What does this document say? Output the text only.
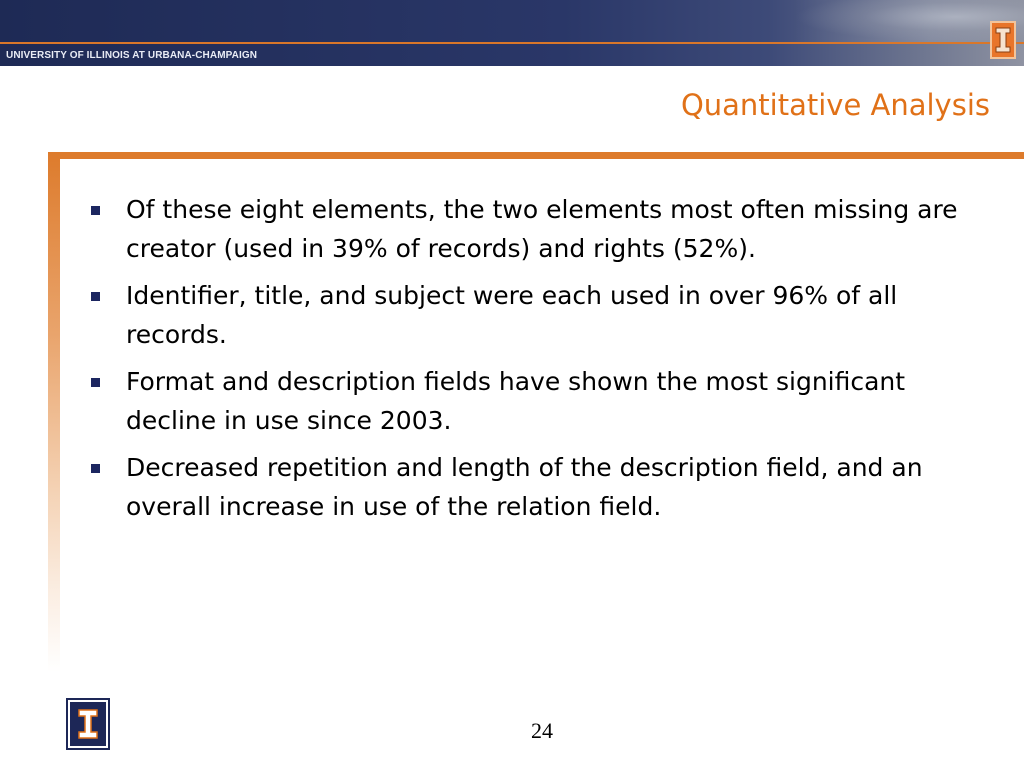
UNIVERSITY OF ILLINOIS AT URBANA-CHAMPAIGN
Quantitative Analysis
Of these eight elements, the two elements most often missing are creator (used in 39% of records) and rights (52%).
Identifier, title, and subject were each used in over 96% of all records.
Format and description fields have shown the most significant decline in use since 2003.
Decreased repetition and length of the description field, and an overall increase in use of the relation field.
24
